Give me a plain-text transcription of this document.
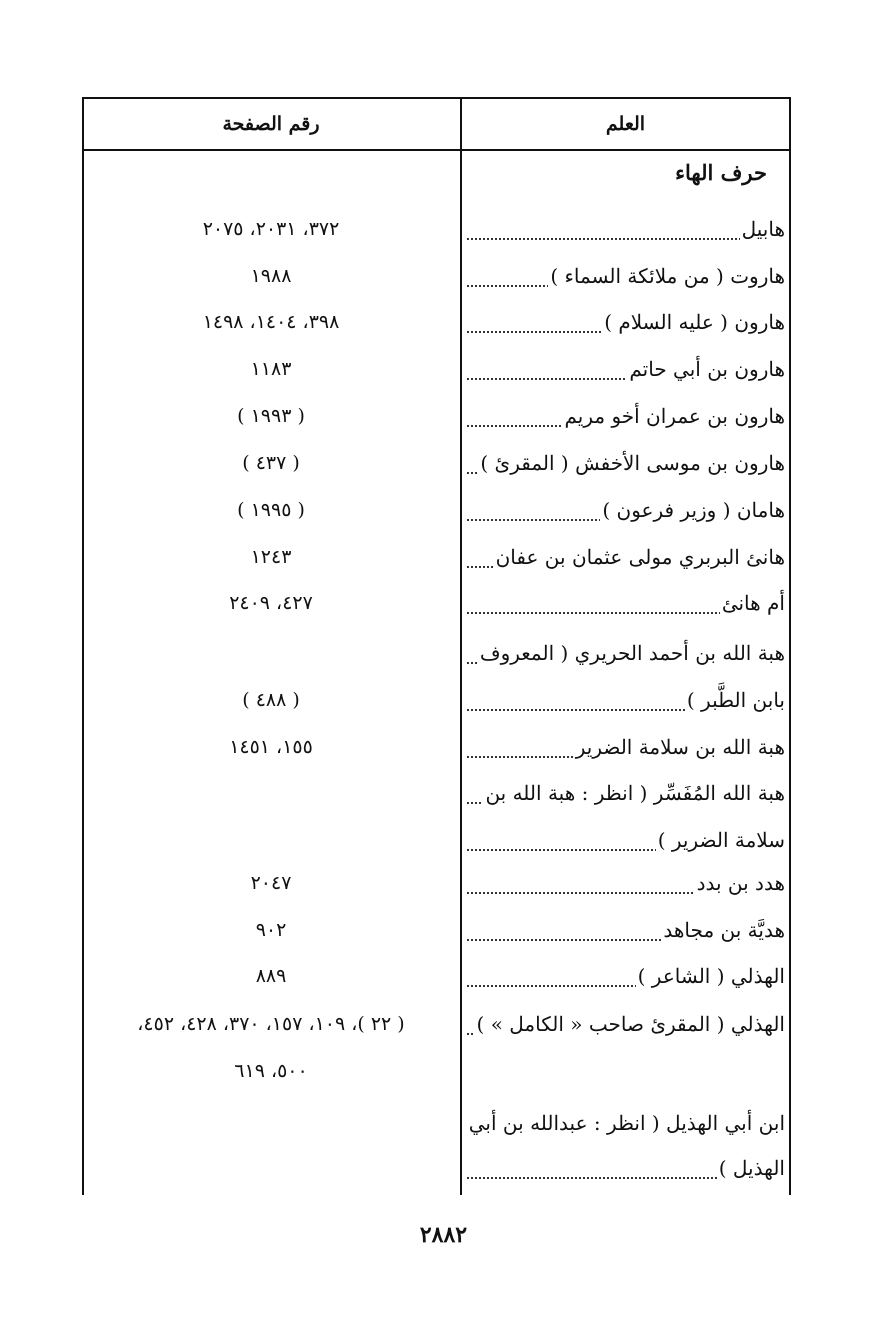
العلم
رقم الصفحة
حرف الهاء
هابيل
٣٧٢، ٢٠٣١، ٢٠٧٥
هاروت ( من ملائكة السماء )
١٩٨٨
هارون ( عليه السلام )
٣٩٨، ١٤٠٤، ١٤٩٨
هارون بن أبي حاتم
١١٨٣
هارون بن عمران أخو مريم
( ١٩٩٣ )
هارون بن موسى الأخفش ( المقرئ )
( ٤٣٧ )
هامان ( وزير فرعون )
( ١٩٩٥ )
هانئ البربري مولى عثمان بن عفان
١٢٤٣
أم هانئ
٤٢٧، ٢٤٠٩
هبة الله بن أحمد الحريري ( المعروف
بابن الطَّبر )
( ٤٨٨ )
هبة الله بن سلامة الضرير
١٥٥، ١٤٥١
هبة الله المُفَسِّر ( انظر : هبة الله بن
سلامة الضرير )
هدد بن بدد
٢٠٤٧
هديَّة بن مجاهد
٩٠٢
الهذلي ( الشاعر )
٨٨٩
الهذلي ( المقرئ صاحب « الكامل » )
( ٢٢ )، ١٠٩، ١٥٧، ٣٧٠، ٤٢٨، ٤٥٢،
٥٠٠، ٦١٩
ابن أبي الهذيل ( انظر : عبدالله بن أبي
الهذيل )
٢٨٨٢
